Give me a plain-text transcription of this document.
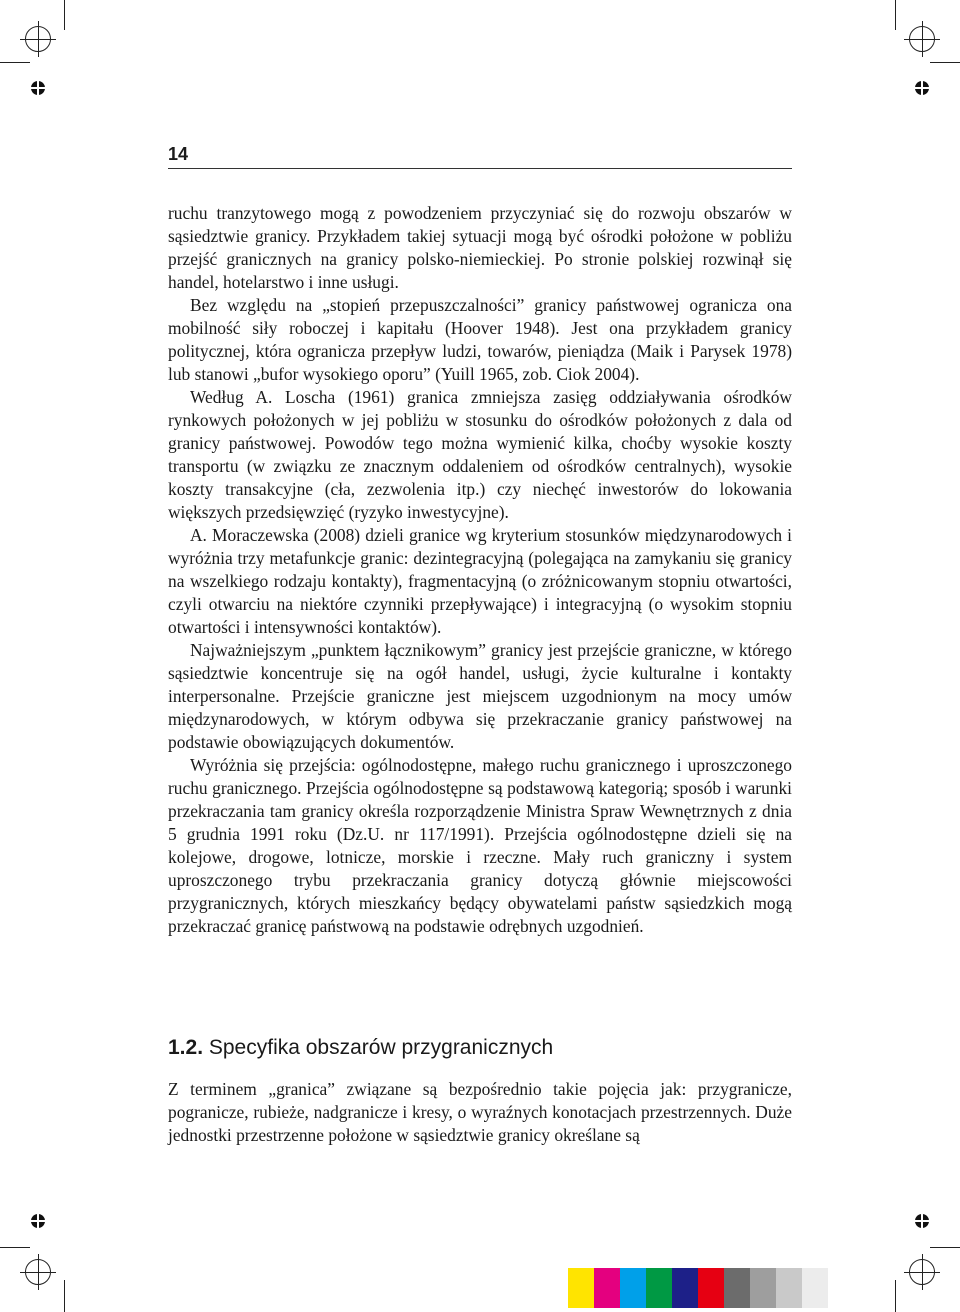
14

ruchu tranzytowego mogą z powodzeniem przyczyniać się do rozwoju obszarów w sąsiedztwie granicy. Przykładem takiej sytuacji mogą być ośrodki położone w pobliżu przejść granicznych na granicy polsko-niemieckiej. Po stronie polskiej rozwinął się handel, hotelarstwo i inne usługi.

Bez względu na „stopień przepuszczalności” granicy państwowej ogranicza ona mobilność siły roboczej i kapitału (Hoover 1948). Jest ona przykładem granicy politycznej, która ogranicza przepływ ludzi, towarów, pieniądza (Maik i Parysek 1978) lub stanowi „bufor wysokiego oporu” (Yuill 1965, zob. Ciok 2004).

Według A. Loscha (1961) granica zmniejsza zasięg oddziaływania ośrodków rynkowych położonych w jej pobliżu w stosunku do ośrodków położonych z dala od granicy państwowej. Powodów tego można wymienić kilka, choćby wysokie koszty transportu (w związku ze znacznym oddaleniem od ośrodków centralnych), wysokie koszty transakcyjne (cła, zezwolenia itp.) czy niechęć inwestorów do lokowania większych przedsięwzięć (ryzyko inwestycyjne).

A. Moraczewska (2008) dzieli granice wg kryterium stosunków międzynarodowych i wyróżnia trzy metafunkcje granic: dezintegracyjną (polegająca na zamykaniu się granicy na wszelkiego rodzaju kontakty), fragmentacyjną (o zróżnicowanym stopniu otwartości, czyli otwarciu na niektóre czynniki przepływające) i integracyjną (o wysokim stopniu otwartości i intensywności kontaktów).

Najważniejszym „punktem łącznikowym” granicy jest przejście graniczne, w którego sąsiedztwie koncentruje się na ogół handel, usługi, życie kulturalne i kontakty interpersonalne. Przejście graniczne jest miejscem uzgodnionym na mocy umów międzynarodowych, w którym odbywa się przekraczanie granicy państwowej na podstawie obowiązujących dokumentów.

Wyróżnia się przejścia: ogólnodostępne, małego ruchu granicznego i uproszczonego ruchu granicznego. Przejścia ogólnodostępne są podstawową kategorią; sposób i warunki przekraczania tam granicy określa rozporządzenie Ministra Spraw Wewnętrznych z dnia 5 grudnia 1991 roku (Dz.U. nr 117/1991). Przejścia ogólnodostępne dzieli się na kolejowe, drogowe, lotnicze, morskie i rzeczne. Mały ruch graniczny i system uproszczonego trybu przekraczania granicy dotyczą głównie miejscowości przygranicznych, których mieszkańcy będący obywatelami państw sąsiedzkich mogą przekraczać granicę państwową na podstawie odrębnych uzgodnień.

1.2. Specyfika obszarów przygranicznych

Z terminem „granica” związane są bezpośrednio takie pojęcia jak: przygranicze, pogranicze, rubieże, nadgranicze i kresy, o wyraźnych konotacjach przestrzennych. Duże jednostki przestrzenne położone w sąsiedztwie granicy określane są
